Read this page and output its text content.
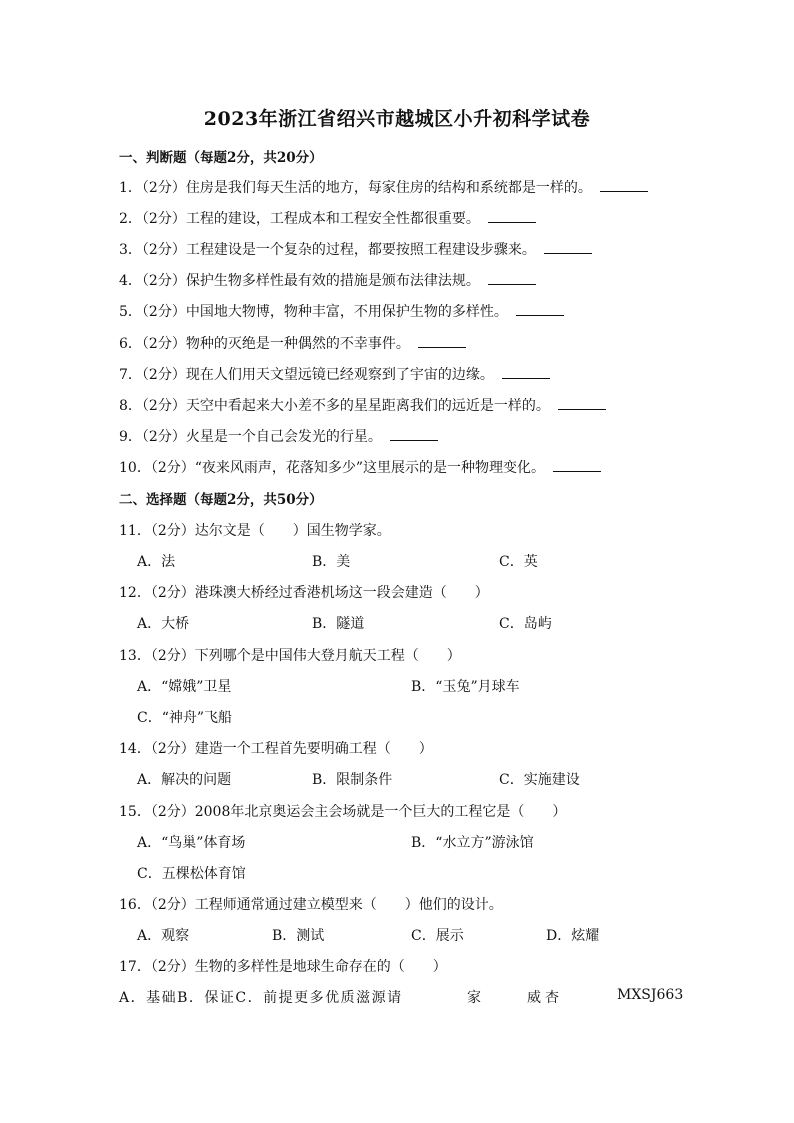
2023年浙江省绍兴市越城区小升初科学试卷
一、判断题（每题2分，共20分）
1．（2分）住房是我们每天生活的地方，每家住房的结构和系统都是一样的。
2．（2分）工程的建设，工程成本和工程安全性都很重要。
3．（2分）工程建设是一个复杂的过程，都要按照工程建设步骤来。
4．（2分）保护生物多样性最有效的措施是颁布法律法规。
5．（2分）中国地大物博，物种丰富，不用保护生物的多样性。
6．（2分）物种的灭绝是一种偶然的不幸事件。
7．（2分）现在人们用天文望远镜已经观察到了宇宙的边缘。
8．（2分）天空中看起来大小差不多的星星距离我们的远近是一样的。
9．（2分）火星是一个自己会发光的行星。
10．（2分）“夜来风雨声，花落知多少”这里展示的是一种物理变化。
二、选择题（每题2分，共50分）
11．（2分）达尔文是（　　）国生物学家。
A．法	B．美	C．英
12．（2分）港珠澳大桥经过香港机场这一段会建造（　　）
A．大桥	B．隧道	C．岛屿
13．（2分）下列哪个是中国伟大登月航天工程（　　）
A．“嫦娥”卫星	B．“玉兔”月球车
C．“神舟”飞船
14．（2分）建造一个工程首先要明确工程（　　）
A．解决的问题	B．限制条件	C．实施建设
15．（2分）2008年北京奥运会主会场就是一个巨大的工程它是（　　）
A．“鸟巢”体育场	B．“水立方”游泳馆
C．五棵松体育馆
16．（2分）工程师通常通过建立模型来（　　）他们的设计。
A．观察	B．测试	C．展示	D．炫耀
17．（2分）生物的多样性是地球生命存在的（　　）
A．基础B．保证C．前提更多优质滋源请	家	威杏	MXSJ663
